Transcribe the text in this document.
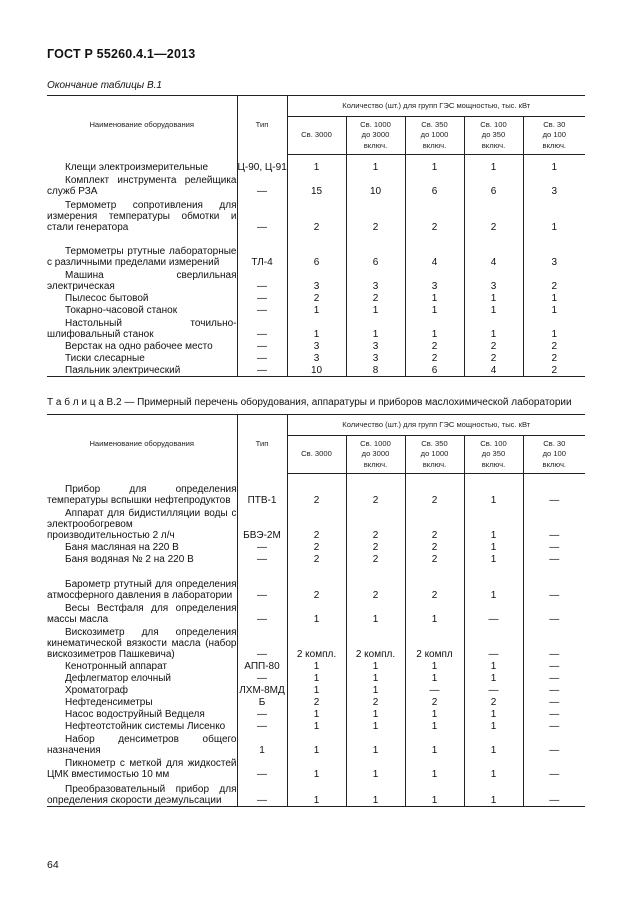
ГОСТ Р 55260.4.1—2013
Окончание таблицы В.1
Наименование оборудования	Тип	Количество (шт.) для групп ГЭС мощностью, тыс. кВт				
		Св. 3000	Св. 1000
до 3000
включ.	Св. 350
до 1000
включ.	Св. 100
до 350
включ.	Св. 30
до 100
включ.

Клещи электроизмерительные	Ц-90, Ц-91	1	1	1	1	1
Комплект инструмента релейщика служб РЗА	—	15	10	6	6	3
Термометр сопротивления для измерения температуры обмотки и стали генератора	—	2	2	2	2	1
Термометры ртутные лабораторные с различными пределами измерений	ТЛ-4	6	6	4	4	3
Машина сверлильная электрическая	—	3	3	3	3	2
Пылесос бытовой	—	2	2	1	1	1
Токарно-часовой станок	—	1	1	1	1	1
Настольный точильно-шлифовальный станок	—	1	1	1	1	1
Верстак на одно рабочее место	—	3	3	2	2	2
Тиски слесарные	—	3	3	2	2	2
Паяльник электрический	—	10	8	6	4	2
Т а б л и ц а В.2 — Примерный перечень оборудования, аппаратуры и приборов маслохимической лаборатории
Наименование оборудования	Тип	Количество (шт.) для групп ГЭС мощностью, тыс. кВт				
		Св. 3000	Св. 1000
до 3000
включ.	Св. 350
до 1000
включ.	Св. 100
до 350
включ.	Св. 30
до 100
включ.

Прибор для определения температуры вспышки нефтепродуктов	ПТВ-1	2	2	2	1	—
Аппарат для бидистилляции воды с электрообогревом производительностью 2 л/ч	БВЭ-2М	2	2	2	1	—
Баня масляная на 220 В	—	2	2	2	1	—
Баня водяная № 2 на 220 В	—	2	2	2	1	—
Барометр ртутный для определения атмосферного давления в лаборатории	—	2	2	2	1	—
Весы Вестфаля для определения массы масла	—	1	1	1	—	—
Вискозиметр для определения кинематической вязкости масла (набор вискозиметров Пашкевича)	—	2 компл.	2 компл.	2 компл	—	—
Кенотронный аппарат	АПП-80	1	1	1	1	—
Дефлегматор елочный	—	1	1	1	1	—
Хроматограф	ЛХМ-8МД	1	1	—	—	—
Нефтеденсиметры	Б	2	2	2	2	—
Насос водоструйный Ведцеля	—	1	1	1	1	—
Нефтеотстойник системы Лисенко	—	1	1	1	1	—
Набор денсиметров общего назначения	1	1	1	1	1	—
Пикнометр с меткой для жидкостей ЦМК вместимостью 10 мм	—	1	1	1	1	—
Преобразовательный прибор для определения скорости деэмульсации	—	1	1	1	1	—
64
